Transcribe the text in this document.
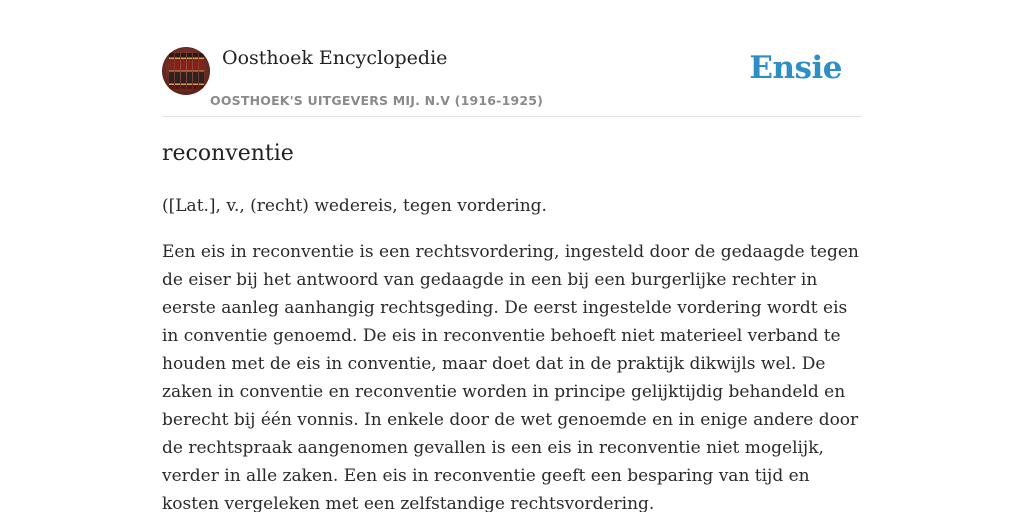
Oosthoek Encyclopedie
OOSTHOEK'S UITGEVERS MIJ. N.V (1916-1925)
Ensie
reconventie

([Lat.], v., (recht) wedereis, tegen vordering.

Een eis in reconventie is een rechtsvordering, ingesteld door de gedaagde tegen de eiser bij het antwoord van gedaagde in een bij een burgerlijke rechter in eerste aanleg aanhangig rechtsgeding. De eerst ingestelde vordering wordt eis in conventie genoemd. De eis in reconventie behoeft niet materieel verband te houden met de eis in conventie, maar doet dat in de praktijk dikwijls wel. De zaken in conventie en reconventie worden in principe gelijktijdig behandeld en berecht bij één vonnis. In enkele door de wet genoemde en in enige andere door de rechtspraak aangenomen gevallen is een eis in reconventie niet mogelijk, verder in alle zaken. Een eis in reconventie geeft een besparing van tijd en kosten vergeleken met een zelfstandige rechtsvordering.
